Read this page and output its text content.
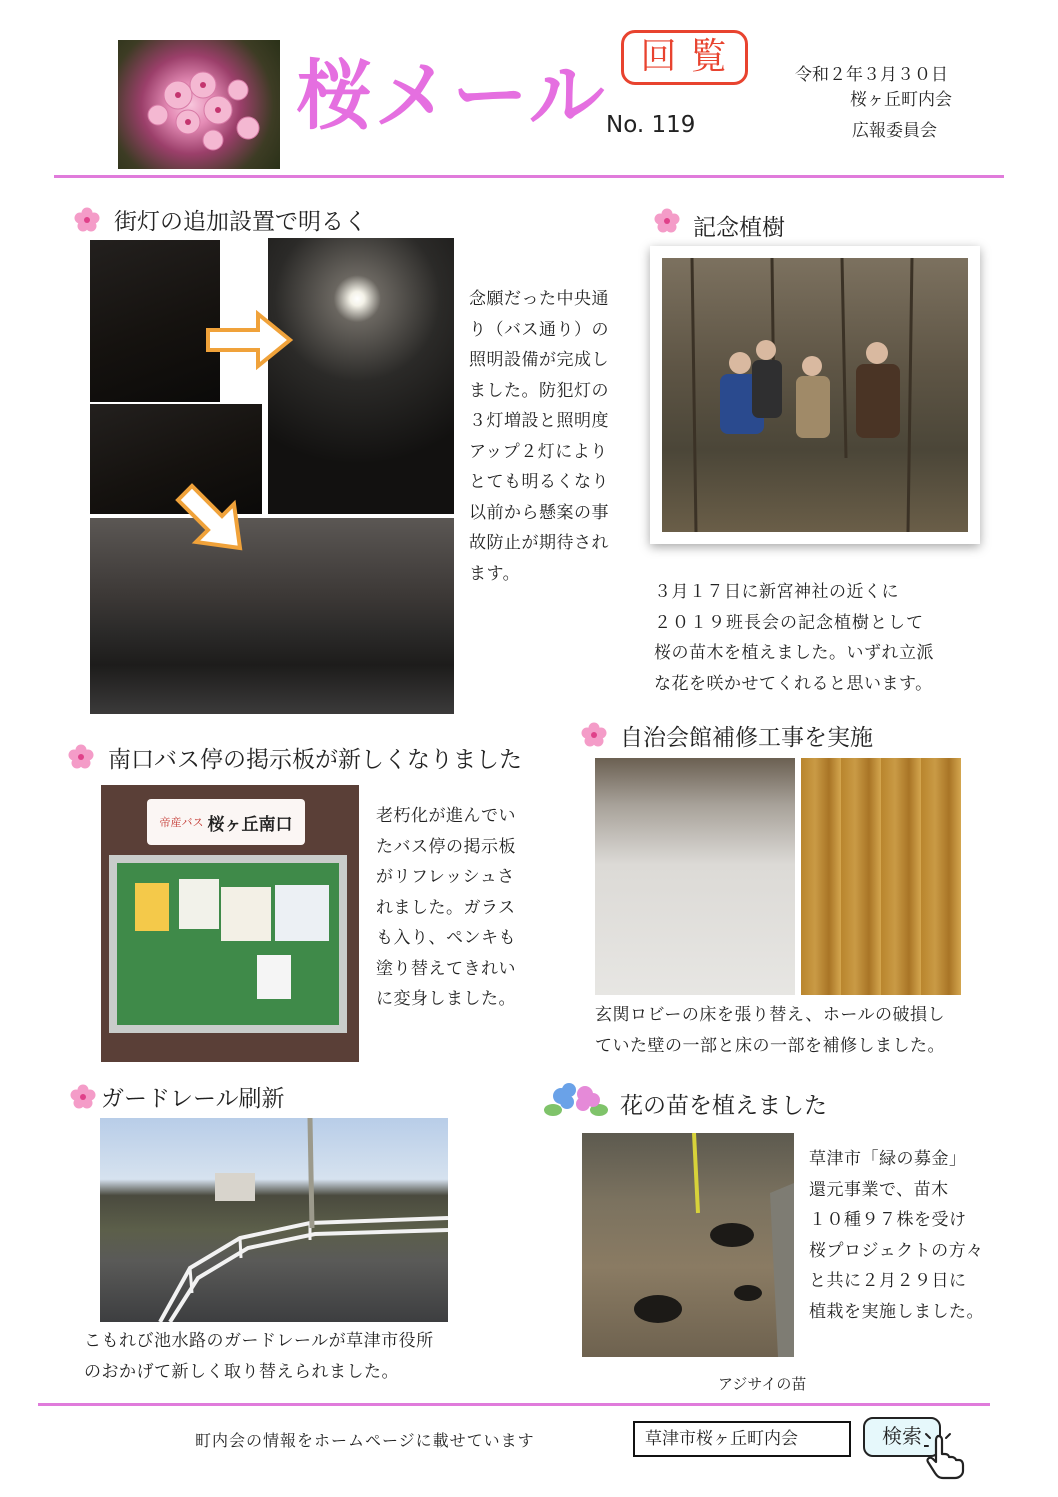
桜メール 回覧
No. 119
令和２年３月３０日
桜ヶ丘町内会
広報委員会
街灯の追加設置で明るく
念願だった中央通
り（バス通り）の
照明設備が完成し
ました。防犯灯の
３灯増設と照明度
アップ２灯により
とても明るくなり
以前から懸案の事
故防止が期待され
ます。
記念植樹
３月１７日に新宮神社の近くに
２０１９班長会の記念植樹として
桜の苗木を植えました。いずれ立派
な花を咲かせてくれると思います。
南口バス停の掲示板が新しくなりました
帝産バス 桜ヶ丘南口	老朽化が進んでい
たバス停の掲示板
がリフレッシュさ
れました。ガラス
も入り、ペンキも
塗り替えてきれい
に変身しました。
自治会館補修工事を実施
玄関ロビーの床を張り替え、ホールの破損し
ていた壁の一部と床の一部を補修しました。
ガードレール刷新
こもれび池水路のガードレールが草津市役所
のおかげて新しく取り替えられました。
花の苗を植えました
草津市「緑の募金」
還元事業で、苗木
１０種９７株を受け
桜プロジェクトの方々
と共に２月２９日に
植栽を実施しました。
アジサイの苗
町内会の情報をホームページに載せています	草津市桜ヶ丘町内会	検索
